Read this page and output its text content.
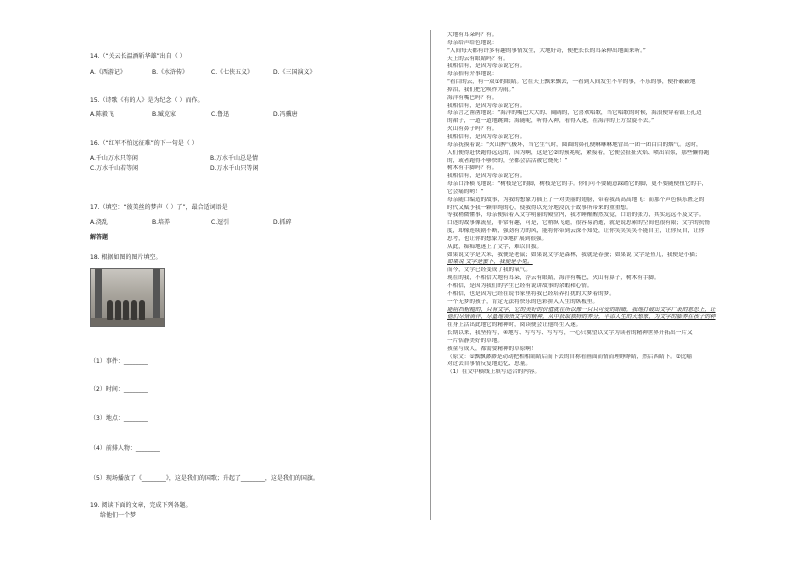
14.（“关云长温酒斩华雄”出自（ ）
A.《西游记》	B.《水浒传》	C.《七侠五义》	D.《三国演义》
15.（诗歌《有的人》是为纪念（ ）而作。
A.陈毅飞	B.臧克家	C.鲁迅	D.冯骥唐
16.（“红军不怕远征难”的下一句是（ ）
A.千山万水只等闲	B.万水千山总是情
C.万水千山若等闲	D.万水千山只等闲
17.（填空：“彼美丝的梦声（ ）了”，最合适词语是
A.浇乱	B.培养	C.逗引	D.抓碎
解答题
18. 根据如图的图片填空。
（1）事件：________
（2）时间：________
（3）地点：________
（4）前排人物：________
（5）现场播放了《________》，这是我们的国歌；升起了________，这是我们的国旗。
19. 阅读下面的文章，完成下列各题。
给他们一个梦
大地有耳朵吗？有。
母亲给声给色地说：
“人间每天都有许多有趣的事情发生，大地好奇，便把长长的耳朵伸出地面来听。”
天上的云有眼睛吗？有。
我相信有，是因为母亲说它有。
母亲抬有介事地说：
“看白的云，有一双①的眼睛。它在天上飘来飘去，一看到人间发生不平的事，不乐的事，便扑簌簌地
掉泪，我们把它唤作为雨。”
海洋有嘴巴吗？有。
我相信有，是因为母亲说它有。
母亲言之凿凿地说：“海洋的嘴巴大大的、阔阔的，它喜欢唱歌，当它唱歌的时候，海浪便穿着银上孔边
的裙子，一道一道地跳舞；海随呢，听得入神，看得入迷，在海洋的上方盘旋不去。”
火山有鼻子吗？有。
我相信有，是因为母亲说它有。
母亲抚摸着说：“火山脾气极坏，当它生气时，圆圆的鼻孔便咻咻咻地冒出一团一团白白的烟气。这时，
人们便得赶快跑得远远的，因为啊，这是它②的预兆呢，紧接着，它便会扯扯火焰、喷出岩浆，那些懒得跑
的，或者跑得不够快的，全都会活活被它烧死！”
树木有手脚吗？有。
我相信有，是因为母亲说它有。
母亲口泽横飞地说：“树枝是它的脚，树枝是它的手。你们可不要随意踩踏它的脚，更不要随便扭它的手，
它会痛的哟！”
母亲随口编造的故事，为我的想象力插上了一对美丽的翅膀，带着我高高高地飞：而那个声色俱乐匮乏的
时代又赋予我一颗单纯的心，使我得以充分地浸沉于故事所带来的重重想。
等我稍微懂事，母亲便陪着入文字明丽的殿堂内，我才睡醒醒然发觉，口语的张力，其实远远不及文字。
口述的故事像流星，非常有趣，可是，它稍纵飞逝，很容易消逝，就是说思索的空间也很有限；文字的抗惰
度，却像连续剧不断，强劲有力的风，能将你带到云深不知处，让你笑笑笑笑不能自主，让你反自，让你
思考，也让你的想象力③地扩展到很强。
从此，痴痴地迷上了文字，难以自拔。
如果说文学是大米，我便是老鼠；如果说文学是森林，我就是春蚕；如果说 文字是鱼儿，我便是小猫；
如果说 文字是蜜卜，我便是小兔。
而今，文学已经变成了我的氧气。
现在的我，不相信大地有耳朵，浮云有眼睛，海洋有嘴巴，火山有鼻子，树木有手脚。
不相信，是因为我们的学生已经有说讲故事的余暇和心情。
不相信，也是因为已经在说书家里将我已经培养打扰的大梦着的梦。
一个无梦的孩子，肯定无法将快乐的色彩拼入人生的纵板里。
能阻挡粗糙的，只有文字，它的美好的价值就在所以像一只只可爱的眼睛，我地打破出文字广袤的意思上，让
他们尽情徜徉，尽量地领悟文字的精神，从中获取独特的养分，平添人生的大想象，为文字的膨养在孩子的种
在身上活出此地它的精神时，阅读便会让他终生入迷。
长期以来，我坚持写，④地写、写写写、写写写，一心只冀望以文字为读者的精神世界开拓出一片又
一片恬静美好的草地。
孩童与成人，都需要精神的草原啊！
（原文：①飘飘渺渺是动动把相相睛睛后而下去的自称看画面而情而理睁睁睛，然后西睛下。②比喻
对过去自事情反复地追忆、思量。
（1）在文中横线上填写适合的内容。
